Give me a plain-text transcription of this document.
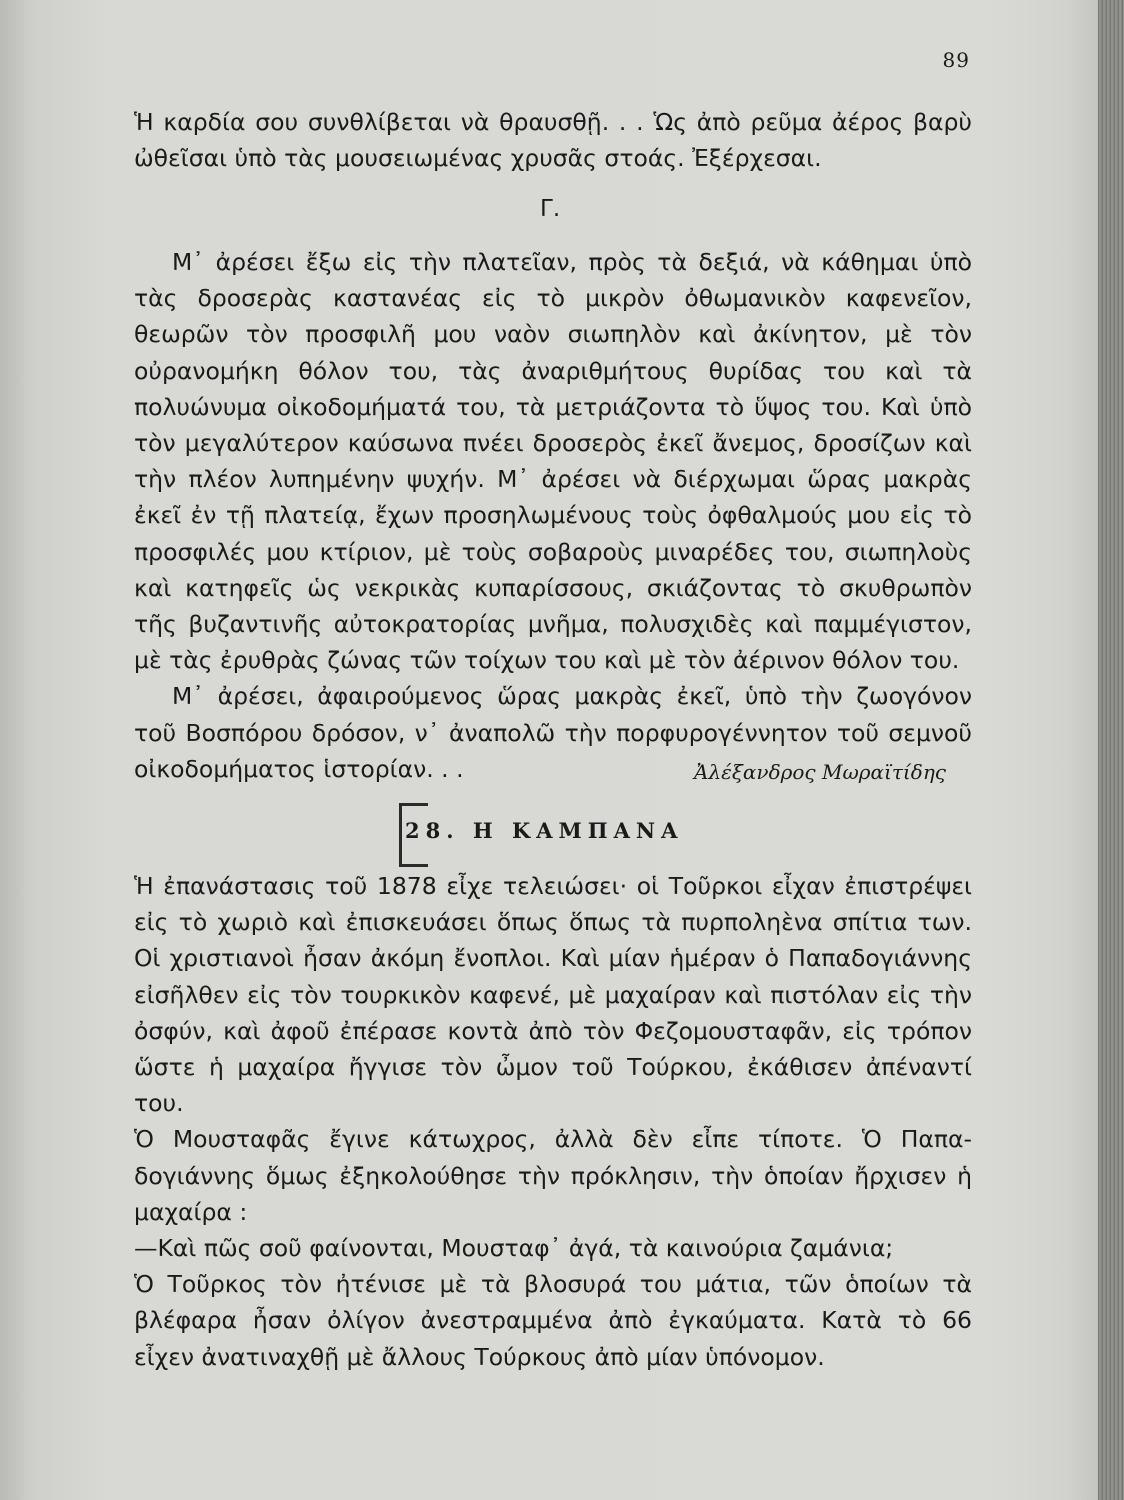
89

Ἡ καρδία σου συνθλίβεται νὰ θραυσθῇ. . . Ὡς ἀπὸ ρεῦμα ἀέρος βαρὺ ὠθεῖσαι ὑπὸ τὰς μουσειωμένας χρυσᾶς στοάς. Ἐξέρχεσαι.

Γ.

Μ᾽ ἀρέσει ἔξω εἰς τὴν πλατεῖαν, πρὸς τὰ δεξιά, νὰ κάθημαι ὑπὸ τὰς δροσερὰς καστανέας εἰς τὸ μικρὸν ὀθωμανικὸν καφενεῖον, θεωρῶν τὸν προσφιλῆ μου ναὸν σιωπηλὸν καὶ ἀκίνητον, μὲ τὸν οὐρανομήκη θόλον του, τὰς ἀναριθμήτους θυρίδας του καὶ τὰ πολυώνυμα οἰκοδομήματά του, τὰ μετριάζοντα τὸ ὕψος του. Καὶ ὑπὸ τὸν μεγαλύτερον καύσωνα πνέει δροσερὸς ἐκεῖ ἄνεμος, δροσίζων καὶ τὴν πλέον λυπημένην ψυχήν. Μ᾽ ἀρέσει νὰ διέρχωμαι ὥρας μακρὰς ἐκεῖ ἐν τῇ πλατείᾳ, ἔχων προσηλωμένους τοὺς ὀφθαλμούς μου εἰς τὸ προσφιλές μου κτίριον, μὲ τοὺς σοβαροὺς μιναρέδες του, σιωπηλοὺς καὶ κατηφεῖς ὡς νεκρικὰς κυπαρίσσους, σκιάζοντας τὸ σκυθρωπὸν τῆς βυζαντινῆς αὐτοκρατορίας μνῆμα, πολυσχιδὲς καὶ παμμέγιστον, μὲ τὰς ἐρυθρὰς ζώνας τῶν τοίχων του καὶ μὲ τὸν ἀέρινον θόλον του.

Μ᾽ ἀρέσει, ἀφαιρούμενος ὥρας μακρὰς ἐκεῖ, ὑπὸ τὴν ζωογόνον τοῦ Βοσπόρου δρόσον, ν᾽ ἀναπολῶ τὴν πορφυρογέννητον τοῦ σεμνοῦ οἰκοδομήματος ἱστορίαν. . .	Ἀλέξανδρος Μωραϊτίδης
28. Η ΚΑΜΠΑΝΑ

Ἡ ἐπανάστασις τοῦ 1878 εἶχε τελειώσει· οἱ Τοῦρκοι εἶχαν ἐπιστρέψει εἰς τὸ χωριὸ καὶ ἐπισκευάσει ὅπως ὅπως τὰ πυρποληὲνα σπίτια των. Οἱ χριστιανοὶ ἦσαν ἀκόμη ἔνοπλοι. Καὶ μίαν ἡμέραν ὁ Παπαδογιάννης εἰσῆλθεν εἰς τὸν τουρκικὸν καφενέ, μὲ μαχαίραν καὶ πιστόλαν εἰς τὴν ὀσφύν, καὶ ἀφοῦ ἐπέρασε κοντὰ ἀπὸ τὸν Φεζομουσταφᾶν, εἰς τρόπον ὥστε ἡ μαχαίρα ἤγγισε τὸν ὦμον τοῦ Τούρκου, ἐκάθισεν ἀπέναντί του.

Ὁ Μουσταφᾶς ἔγινε κάτωχρος, ἀλλὰ δὲν εἶπε τίποτε. Ὁ Παπαδογιάννης ὅμως ἐξηκολούθησε τὴν πρόκλησιν, τὴν ὁποίαν ἤρχισεν ἡ μαχαίρα :

—Καὶ πῶς σοῦ φαίνονται, Μουσταφ᾽ ἀγά, τὰ καινούρια ζαμάνια;

Ὁ Τοῦρκος τὸν ἠτένισε μὲ τὰ βλοσυρά του μάτια, τῶν ὁποίων τὰ βλέφαρα ἦσαν ὀλίγον ἀνεστραμμένα ἀπὸ ἐγκαύματα. Κατὰ τὸ 66 εἶχεν ἀνατιναχθῇ μὲ ἄλλους Τούρκους ἀπὸ μίαν ὑπόνομον.
